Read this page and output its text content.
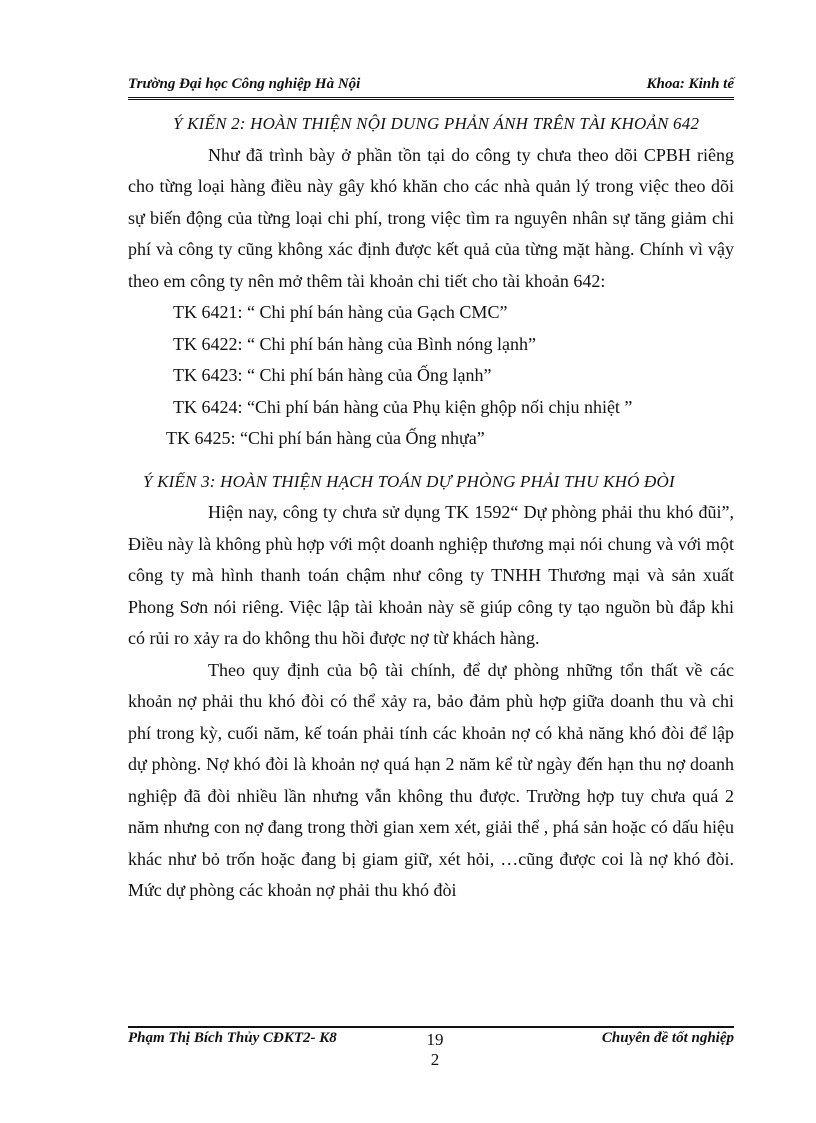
Trường Đại học Công nghiệp Hà Nội	Khoa: Kinh tế
Ý KIẾN 2: HOÀN THIỆN NỘI DUNG PHẢN ÁNH TRÊN TÀI KHOẢN 642

Như đã trình bày ở phần tồn tại do công ty chưa theo dõi CPBH riêng cho từng loại hàng điều này gây khó khăn cho các nhà quản lý trong việc theo dõi sự biến động của từng loại chi phí, trong việc tìm ra nguyên nhân sự tăng giảm chi phí và công ty cũng không xác định được kết quả của từng mặt hàng. Chính vì vậy theo em công ty nên mở thêm tài khoản chi tiết cho tài khoản 642:

TK 6421: “ Chi phí bán hàng của Gạch CMC”
TK 6422: “ Chi phí bán hàng của Bình nóng lạnh”
TK 6423: “ Chi phí bán hàng của Ống lạnh”
TK 6424: “Chi phí bán hàng của Phụ kiện ghộp nối chịu nhiệt ”
TK 6425: “Chi phí bán hàng của Ống nhựa”
Ý KIẾN 3: HOÀN THIỆN HẠCH TOÁN DỰ PHÒNG PHẢI THU KHÓ ĐÒI

Hiện nay, công ty chưa sử dụng TK 1592“ Dự phòng phải thu khó đũi”, Điều này là không phù hợp với một doanh nghiệp thương mại nói chung và với một công ty mà hình thanh toán chậm như công ty TNHH Thương mại và sản xuất Phong Sơn nói riêng. Việc lập tài khoản này sẽ giúp công ty tạo nguồn bù đắp khi có rủi ro xảy ra do không thu hồi được nợ từ khách hàng.

Theo quy định của bộ tài chính, để dự phòng những tổn thất về các khoản nợ phải thu khó đòi có thể xảy ra, bảo đảm phù hợp giữa doanh thu và chi phí trong kỳ, cuối năm, kế toán phải tính các khoản nợ có khả năng khó đòi để lập dự phòng. Nợ khó đòi là khoản nợ quá hạn 2 năm kể từ ngày đến hạn thu nợ doanh nghiệp đã đòi nhiều lần nhưng vẫn không thu được. Trường hợp tuy chưa quá 2 năm nhưng con nợ đang trong thời gian xem xét, giải thể , phá sản hoặc có dấu hiệu khác như bỏ trốn hoặc đang bị giam giữ, xét hỏi, …cũng được coi là nợ khó đòi. Mức dự phòng các khoản nợ phải thu khó đòi

Phạm Thị Bích Thủy CĐKT2- K8	Chuyên đề tốt nghiệp
19
2
